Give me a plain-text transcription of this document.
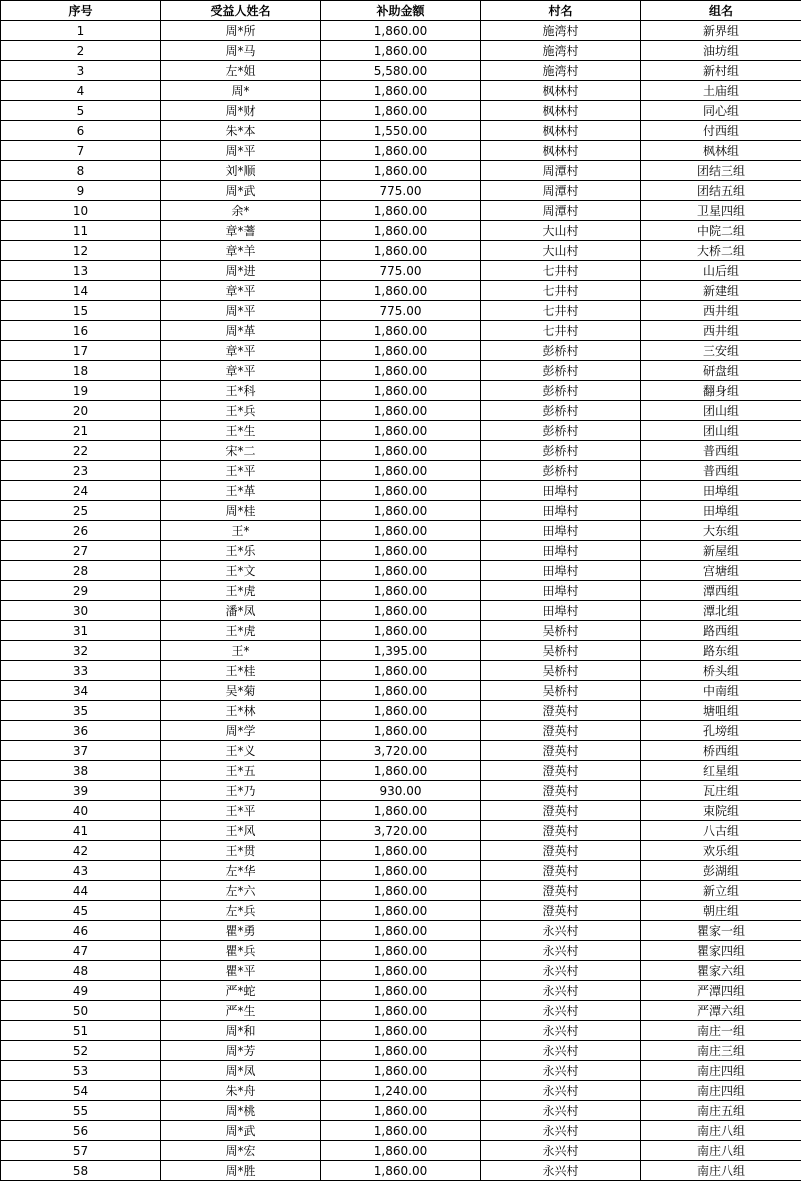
序号	受益人姓名	补助金额	村名	组名
1	周*所	1,860.00	施湾村	新界组
2	周*马	1,860.00	施湾村	油坊组
3	左*姐	5,580.00	施湾村	新村组
4	周*	1,860.00	枫林村	土庙组
5	周*财	1,860.00	枫林村	同心组
6	朱*本	1,550.00	枫林村	付西组
7	周*平	1,860.00	枫林村	枫林组
8	刘*顺	1,860.00	周潭村	团结三组
9	周*武	775.00	周潭村	团结五组
10	余*	1,860.00	周潭村	卫星四组
11	章*蓍	1,860.00	大山村	中院二组
12	章*羊	1,860.00	大山村	大桥二组
13	周*进	775.00	七井村	山后组
14	章*平	1,860.00	七井村	新建组
15	周*平	775.00	七井村	西井组
16	周*革	1,860.00	七井村	西井组
17	章*平	1,860.00	彭桥村	三安组
18	章*平	1,860.00	彭桥村	研盘组
19	王*科	1,860.00	彭桥村	翻身组
20	王*兵	1,860.00	彭桥村	团山组
21	王*生	1,860.00	彭桥村	团山组
22	宋*二	1,860.00	彭桥村	普西组
23	王*平	1,860.00	彭桥村	普西组
24	王*革	1,860.00	田埠村	田埠组
25	周*桂	1,860.00	田埠村	田埠组
26	王*	1,860.00	田埠村	大东组
27	王*乐	1,860.00	田埠村	新屋组
28	王*文	1,860.00	田埠村	宫塘组
29	王*虎	1,860.00	田埠村	潭西组
30	潘*凤	1,860.00	田埠村	潭北组
31	王*虎	1,860.00	吴桥村	路西组
32	王*	1,395.00	吴桥村	路东组
33	王*桂	1,860.00	吴桥村	桥头组
34	吴*菊	1,860.00	吴桥村	中南组
35	王*林	1,860.00	澄英村	塘咀组
36	周*学	1,860.00	澄英村	孔塝组
37	王*义	3,720.00	澄英村	桥西组
38	王*五	1,860.00	澄英村	红星组
39	王*乃	930.00	澄英村	瓦庄组
40	王*平	1,860.00	澄英村	束院组
41	王*风	3,720.00	澄英村	八古组
42	王*贯	1,860.00	澄英村	欢乐组
43	左*华	1,860.00	澄英村	彭湖组
44	左*六	1,860.00	澄英村	新立组
45	左*兵	1,860.00	澄英村	朝庄组
46	瞿*勇	1,860.00	永兴村	瞿家一组
47	瞿*兵	1,860.00	永兴村	瞿家四组
48	瞿*平	1,860.00	永兴村	瞿家六组
49	严*蛇	1,860.00	永兴村	严潭四组
50	严*生	1,860.00	永兴村	严潭六组
51	周*和	1,860.00	永兴村	南庄一组
52	周*芳	1,860.00	永兴村	南庄三组
53	周*凤	1,860.00	永兴村	南庄四组
54	朱*舟	1,240.00	永兴村	南庄四组
55	周*桃	1,860.00	永兴村	南庄五组
56	周*武	1,860.00	永兴村	南庄八组
57	周*宏	1,860.00	永兴村	南庄八组
58	周*胜	1,860.00	永兴村	南庄八组
